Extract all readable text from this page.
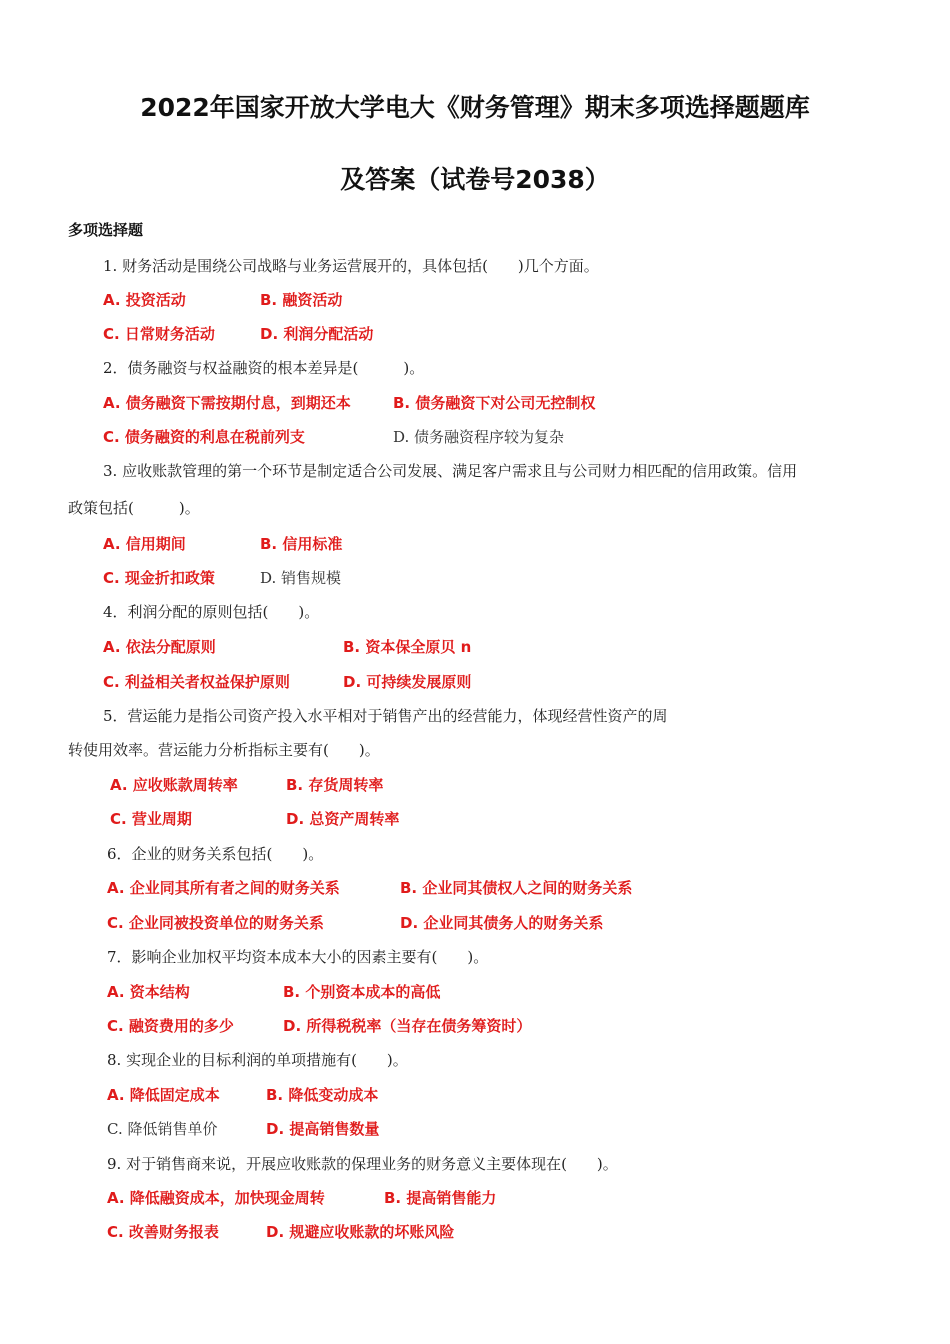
2022年国家开放大学电大《财务管理》期末多项选择题题库
及答案（试卷号2038）
多项选择题
1. 财务活动是围绕公司战略与业务运营展开的，具体包括(　　)几个方面。
A. 投资活动	B. 融资活动
C. 日常财务活动	D. 利润分配活动
2．债务融资与权益融资的根本差异是(　　　)。
A. 债务融资下需按期付息，到期还本	B. 债务融资下对公司无控制权
C. 债务融资的利息在税前列支	D. 债务融资程序较为复杂
3. 应收账款管理的第一个环节是制定适合公司发展、满足客户需求且与公司财力相匹配的信用政策。信用
政策包括(　　　)。
A. 信用期间	B. 信用标准
C. 现金折扣政策	D. 销售规模
4．利润分配的原则包括(　　)。
A. 依法分配原则	B. 资本保全原贝 n
C. 利益相关者权益保护原则	D. 可持续发展原则
5．营运能力是指公司资产投入水平相对于销售产出的经营能力，体现经营性资产的周
转使用效率。营运能力分析指标主要有(　　)。
A. 应收账款周转率	B. 存货周转率
C. 营业周期	D. 总资产周转率
6．企业的财务关系包括(　　)。
A. 企业同其所有者之间的财务关系	B. 企业同其债权人之间的财务关系
C. 企业同被投资单位的财务关系	D. 企业同其债务人的财务关系
7．影响企业加权平均资本成本大小的因素主要有(　　)。
A. 资本结构	B. 个别资本成本的高低
C. 融资费用的多少	D. 所得税税率（当存在债务筹资时）
8. 实现企业的目标利润的单项措施有(　　)。
A. 降低固定成本	B. 降低变动成本
C. 降低销售单价	D. 提高销售数量
9. 对于销售商来说，开展应收账款的保理业务的财务意义主要体现在(　　)。
A. 降低融资成本，加快现金周转	B. 提高销售能力
C. 改善财务报表	D. 规避应收账款的坏账风险
